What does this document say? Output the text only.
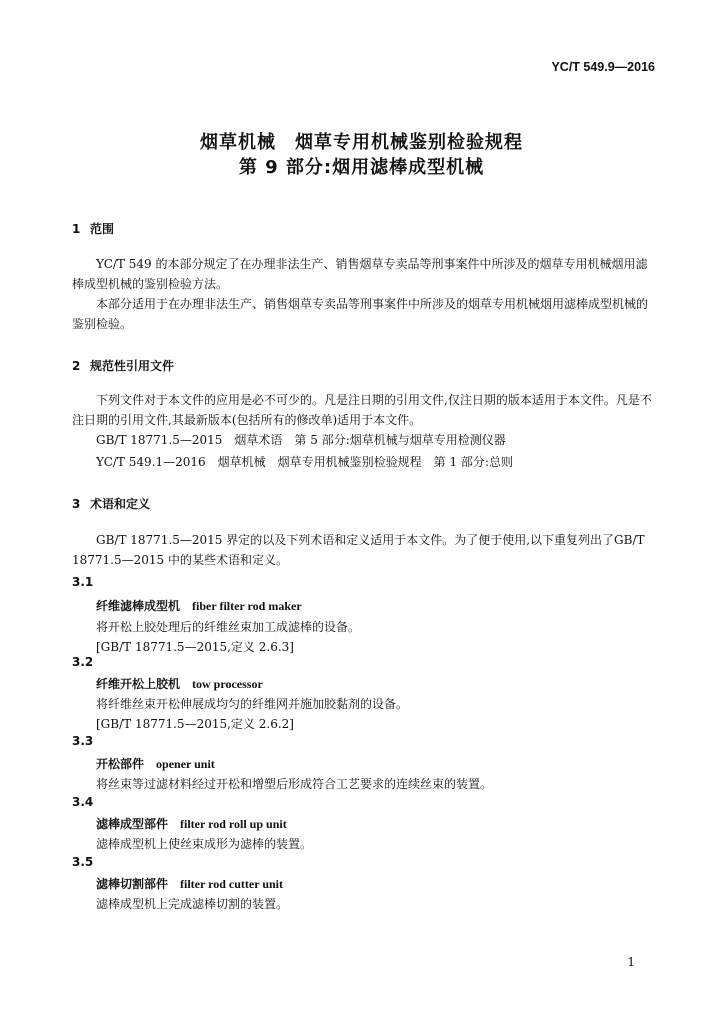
YC/T 549.9—2016
烟草机械　烟草专用机械鉴别检验规程
第 9 部分:烟用滤棒成型机械
1 范围
YC/T 549 的本部分规定了在办理非法生产、销售烟草专卖品等刑事案件中所涉及的烟草专用机械烟用滤棒成型机械的鉴别检验方法。
本部分适用于在办理非法生产、销售烟草专卖品等刑事案件中所涉及的烟草专用机械烟用滤棒成型机械的鉴别检验。
2 规范性引用文件
下列文件对于本文件的应用是必不可少的。凡是注日期的引用文件,仅注日期的版本适用于本文件。凡是不注日期的引用文件,其最新版本(包括所有的修改单)适用于本文件。
GB/T 18771.5—2015　烟草术语　第 5 部分:烟草机械与烟草专用检测仪器
YC/T 549.1—2016　烟草机械　烟草专用机械鉴别检验规程　第 1 部分:总则
3 术语和定义
GB/T 18771.5—2015 界定的以及下列术语和定义适用于本文件。为了便于使用,以下重复列出了GB/T 18771.5—2015 中的某些术语和定义。
3.1
纤维滤棒成型机 fiber filter rod maker
将开松上胶处理后的纤维丝束加工成滤棒的设备。
[GB/T 18771.5—2015,定义 2.6.3]
3.2
纤维开松上胶机 tow processor
将纤维丝束开松伸展成均匀的纤维网并施加胶黏剂的设备。
[GB/T 18771.5—2015,定义 2.6.2]
3.3
开松部件 opener unit
将丝束等过滤材料经过开松和增塑后形成符合工艺要求的连续丝束的装置。
3.4
滤棒成型部件 filter rod roll up unit
滤棒成型机上使丝束成形为滤棒的装置。
3.5
滤棒切割部件 filter rod cutter unit
滤棒成型机上完成滤棒切割的装置。
1
